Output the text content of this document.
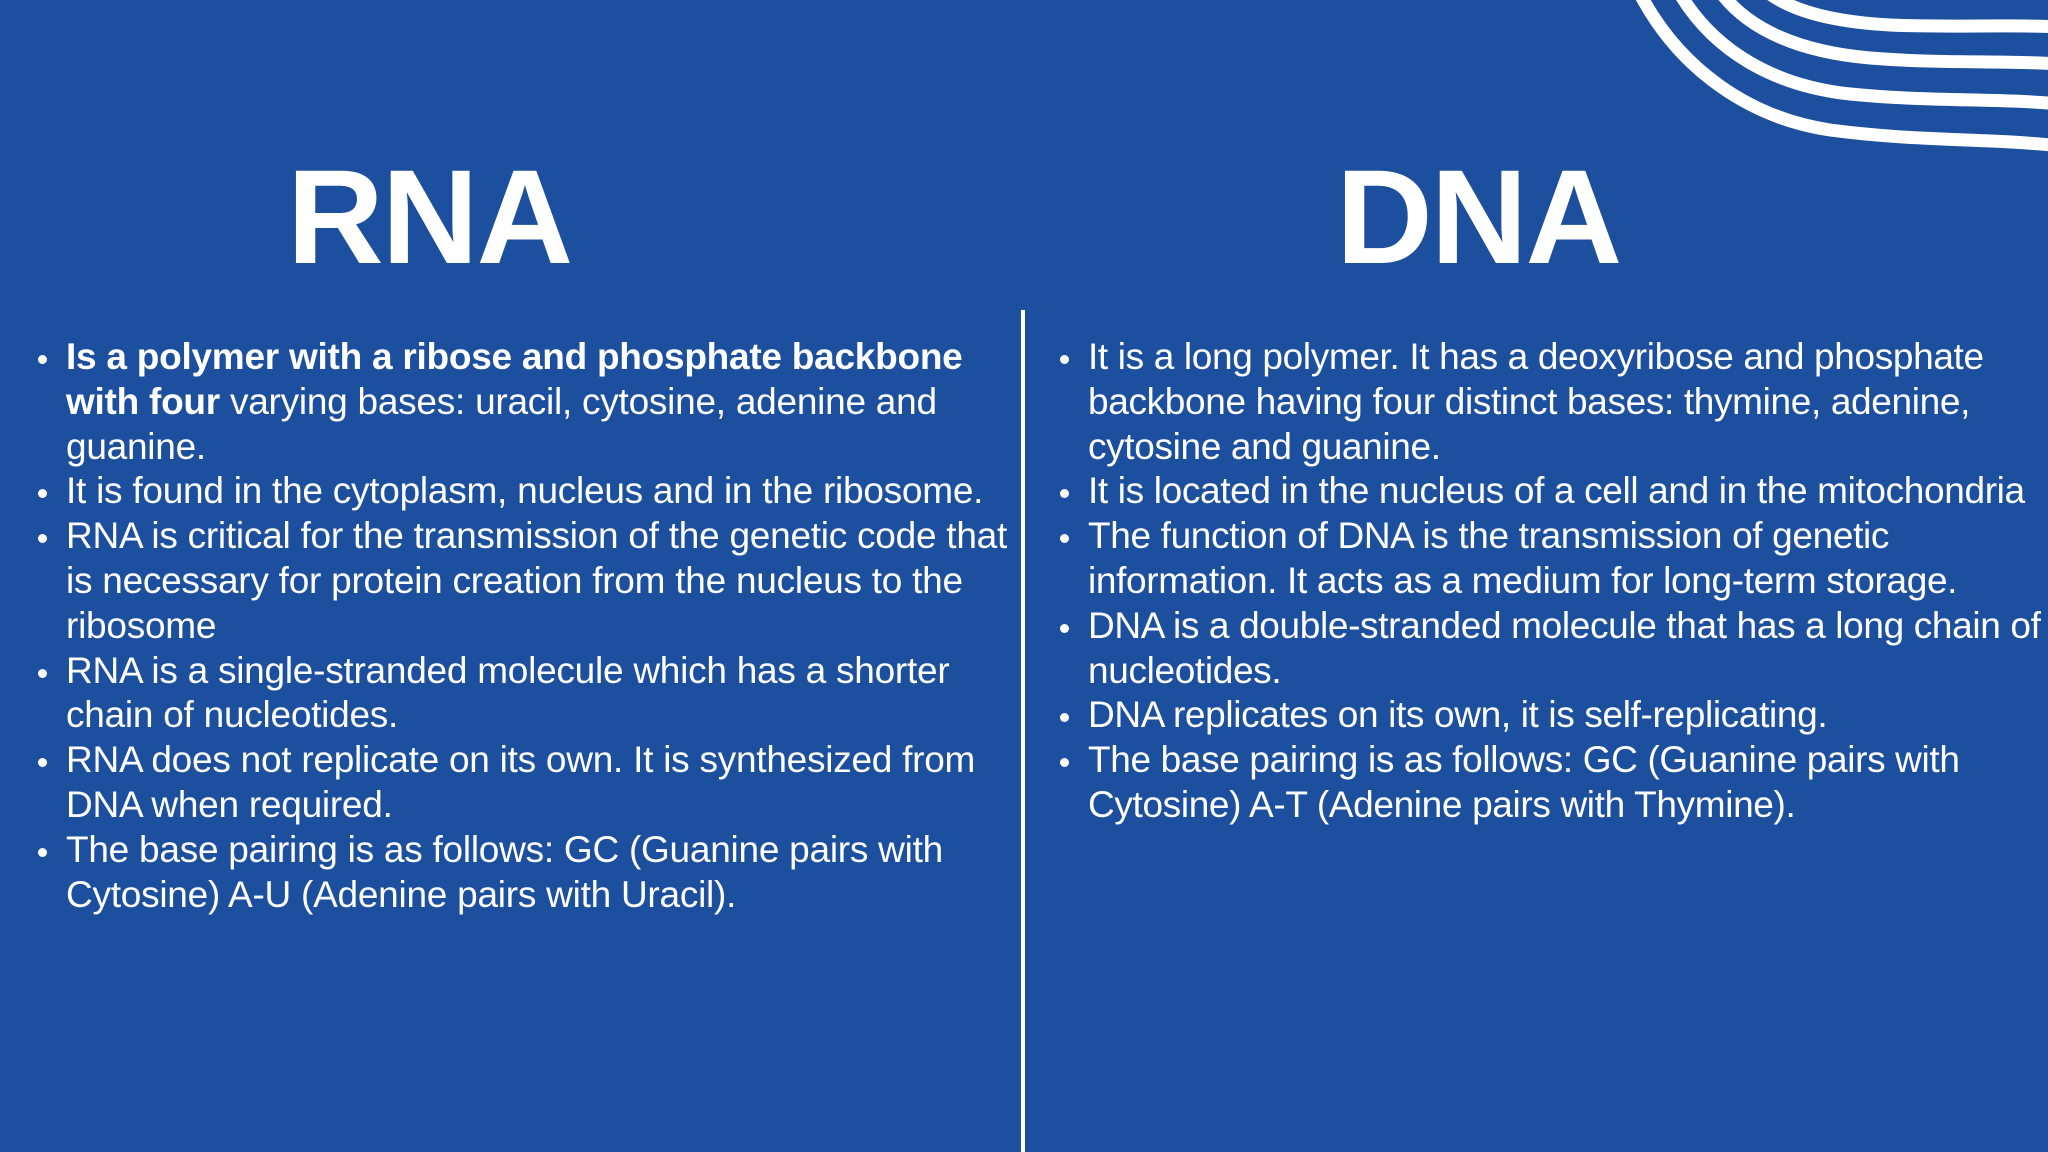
RNA	DNA
Is a polymer with a ribose and phosphate backbone with four varying bases: uracil, cytosine, adenine and guanine.
It is found in the cytoplasm, nucleus and in the ribosome.
RNA is critical for the transmission of the genetic code that is necessary for protein creation from the nucleus to the ribosome
RNA is a single-stranded molecule which has a shorter chain of nucleotides.
RNA does not replicate on its own. It is synthesized from DNA when required.
The base pairing is as follows: GC (Guanine pairs with Cytosine) A-U (Adenine pairs with Uracil).
It is a long polymer. It has a deoxyribose and phosphate backbone having four distinct bases: thymine, adenine, cytosine and guanine.
It is located in the nucleus of a cell and in the mitochondria
The function of DNA is the transmission of genetic information. It acts as a medium for long-term storage.
DNA is a double-stranded molecule that has a long chain of nucleotides.
DNA replicates on its own, it is self-replicating.
The base pairing is as follows: GC (Guanine pairs with Cytosine) A-T (Adenine pairs with Thymine).
